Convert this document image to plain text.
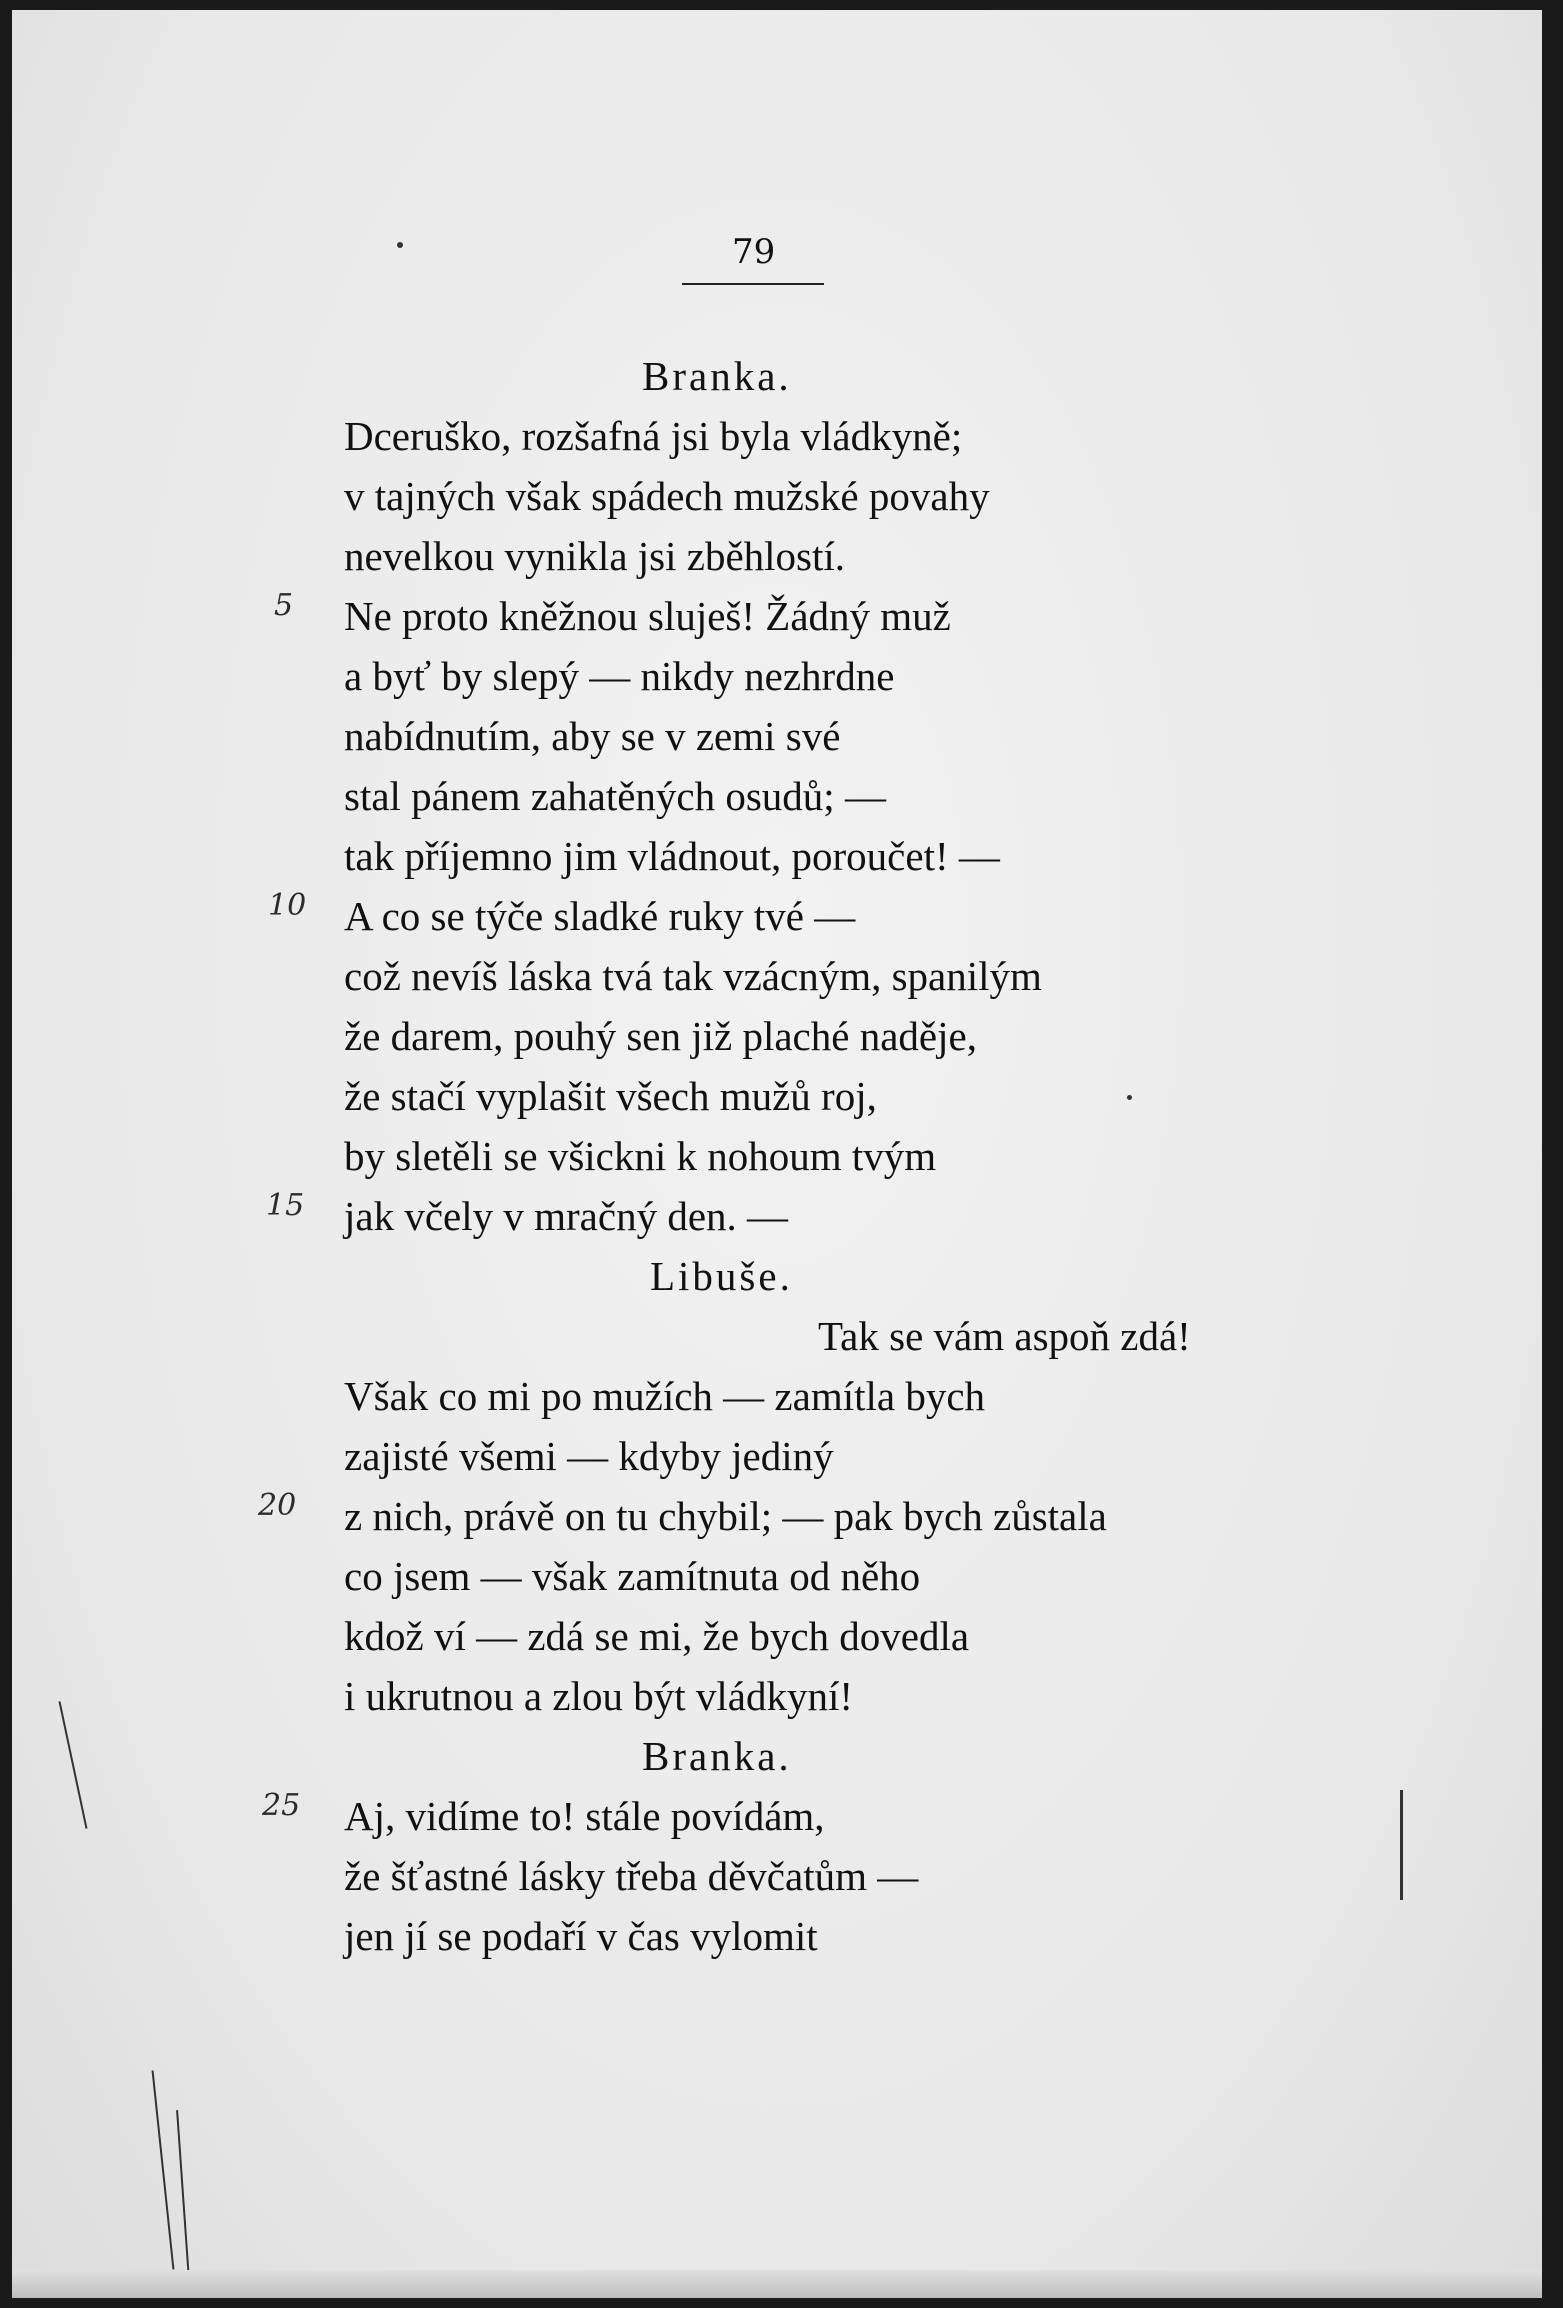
79
Branka.
Dceruško, rozšafná jsi byla vládkyně;
v tajných však spádech mužské povahy
nevelkou vynikla jsi zběhlostí.
Ne proto kněžnou sluješ! Žádný muž
a byť by slepý — nikdy nezhrdne
nabídnutím, aby se v zemi své
stal pánem zahatěných osudů; —
tak příjemno jim vládnout, poroučet! —
A co se týče sladké ruky tvé —
což nevíš láska tvá tak vzácným, spanilým
že darem, pouhý sen již plaché naděje,
že stačí vyplašit všech mužů roj,
by sletěli se všickni k nohoum tvým
jak včely v mračný den. —
Libuše.
Tak se vám aspoň zdá!
Však co mi po mužích — zamítla bych
zajisté všemi — kdyby jediný
z nich, právě on tu chybil; — pak bych zůstala
co jsem — však zamítnuta od něho
kdož ví — zdá se mi, že bych dovedla
i ukrutnou a zlou být vládkyní!
Branka.
Aj, vidíme to! stále povídám,
že šťastné lásky třeba děvčatům —
jen jí se podaří v čas vylomit
5
10
15
20
25
